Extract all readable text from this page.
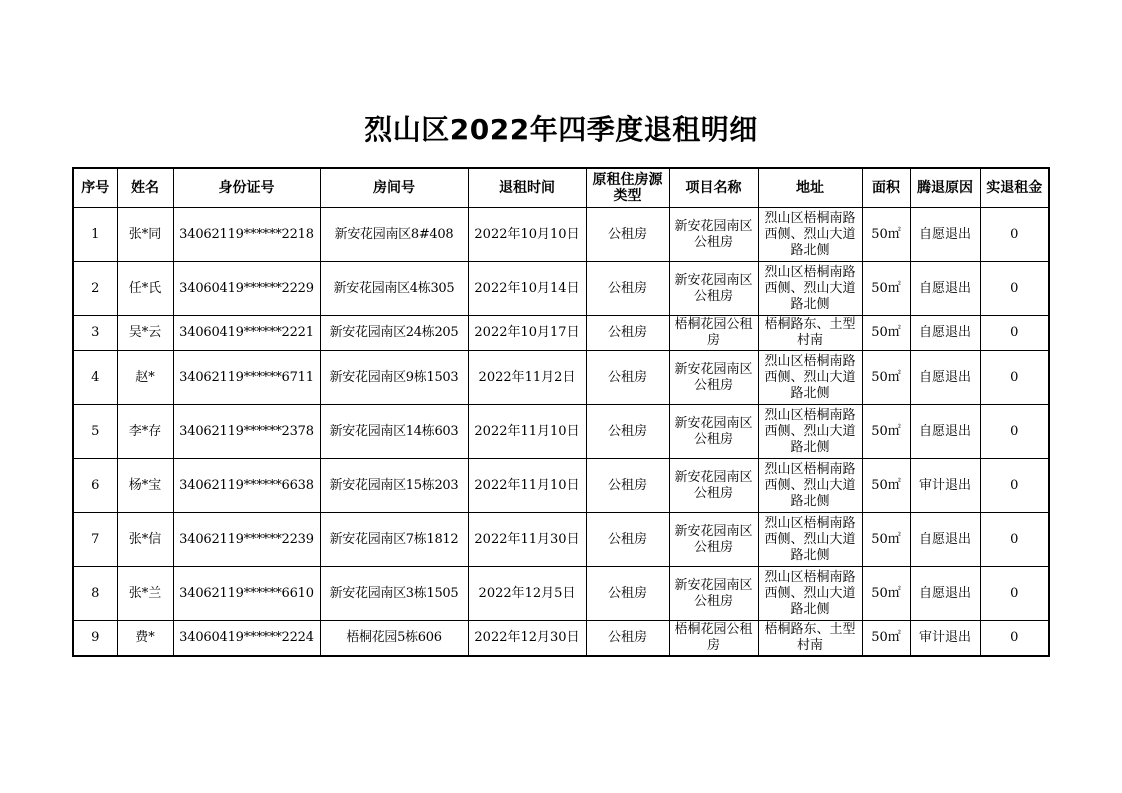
烈山区2022年四季度退租明细
序号	姓名	身份证号	房间号	退租时间	原租住房源类型	项目名称	地址	面积	腾退原因	实退租金
1	张*同	34062119******2218	新安花园南区8#408	2022年10月10日	公租房	新安花园南区公租房	烈山区梧桐南路西侧、烈山大道路北侧	50㎡	自愿退出	0
2	任*氏	34060419******2229	新安花园南区4栋305	2022年10月14日	公租房	新安花园南区公租房	烈山区梧桐南路西侧、烈山大道路北侧	50㎡	自愿退出	0
3	吴*云	34060419******2221	新安花园南区24栋205	2022年10月17日	公租房	梧桐花园公租房	梧桐路东、土型村南	50㎡	自愿退出	0
4	赵*	34062119******6711	新安花园南区9栋1503	2022年11月2日	公租房	新安花园南区公租房	烈山区梧桐南路西侧、烈山大道路北侧	50㎡	自愿退出	0
5	李*存	34062119******2378	新安花园南区14栋603	2022年11月10日	公租房	新安花园南区公租房	烈山区梧桐南路西侧、烈山大道路北侧	50㎡	自愿退出	0
6	杨*宝	34062119******6638	新安花园南区15栋203	2022年11月10日	公租房	新安花园南区公租房	烈山区梧桐南路西侧、烈山大道路北侧	50㎡	审计退出	0
7	张*信	34062119******2239	新安花园南区7栋1812	2022年11月30日	公租房	新安花园南区公租房	烈山区梧桐南路西侧、烈山大道路北侧	50㎡	自愿退出	0
8	张*兰	34062119******6610	新安花园南区3栋1505	2022年12月5日	公租房	新安花园南区公租房	烈山区梧桐南路西侧、烈山大道路北侧	50㎡	自愿退出	0
9	费*	34060419******2224	梧桐花园5栋606	2022年12月30日	公租房	梧桐花园公租房	梧桐路东、土型村南	50㎡	审计退出	0
